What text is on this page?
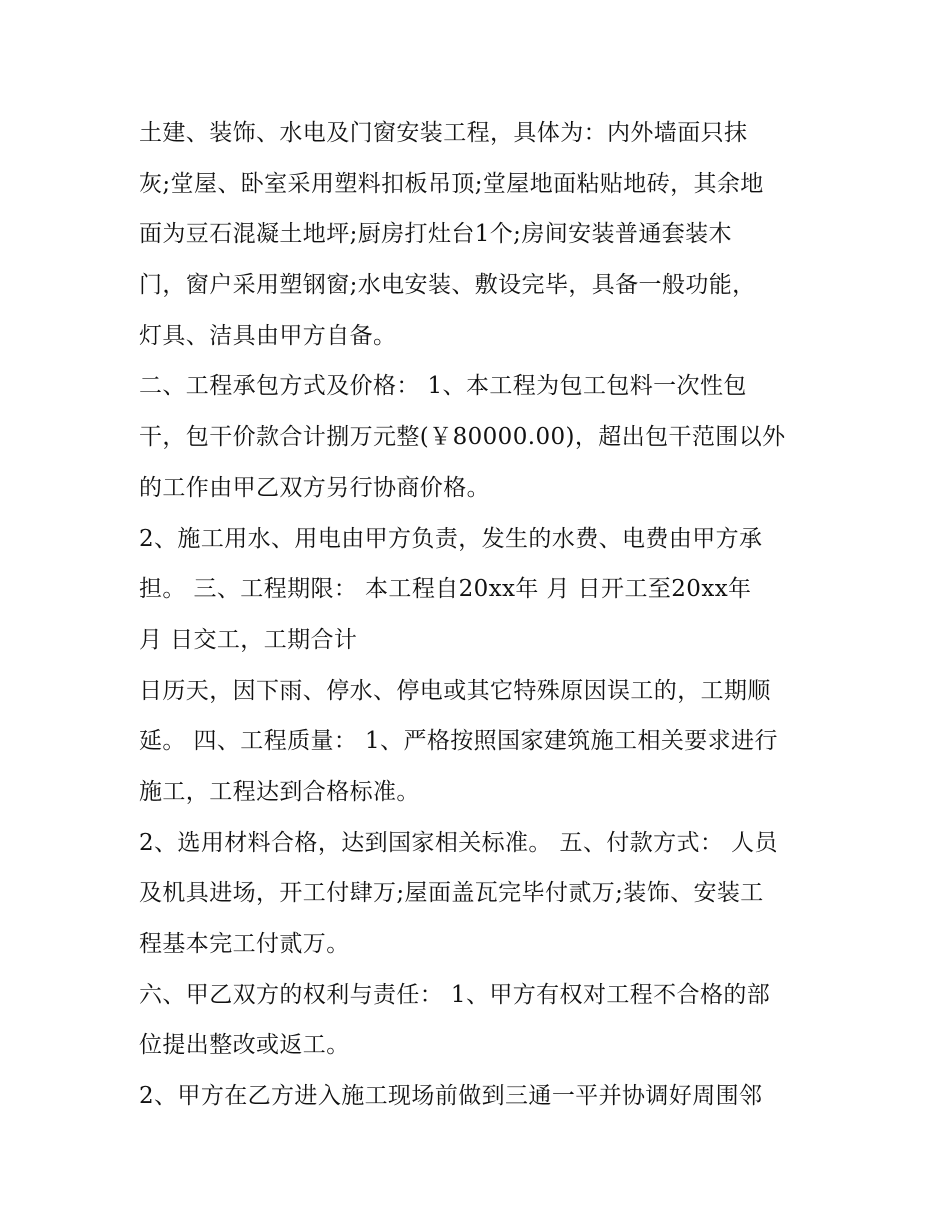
土建、装饰、水电及门窗安装工程，具体为：内外墙面只抹
灰;堂屋、卧室采用塑料扣板吊顶;堂屋地面粘贴地砖，其余地
面为豆石混凝土地坪;厨房打灶台1个;房间安装普通套装木
门，窗户采用塑钢窗;水电安装、敷设完毕，具备一般功能，
灯具、洁具由甲方自备。
二、工程承包方式及价格： 1、本工程为包工包料一次性包
干，包干价款合计捌万元整(￥80000.00)，超出包干范围以外
的工作由甲乙双方另行协商价格。
2、施工用水、用电由甲方负责，发生的水费、电费由甲方承
担。 三、工程期限： 本工程自20xx年 月 日开工至20xx年
月 日交工，工期合计
日历天，因下雨、停水、停电或其它特殊原因误工的，工期顺
延。 四、工程质量： 1、严格按照国家建筑施工相关要求进行
施工，工程达到合格标准。
2、选用材料合格，达到国家相关标准。 五、付款方式： 人员
及机具进场，开工付肆万;屋面盖瓦完毕付贰万;装饰、安装工
程基本完工付贰万。
六、甲乙双方的权利与责任： 1、甲方有权对工程不合格的部
位提出整改或返工。
2、甲方在乙方进入施工现场前做到三通一平并协调好周围邻
